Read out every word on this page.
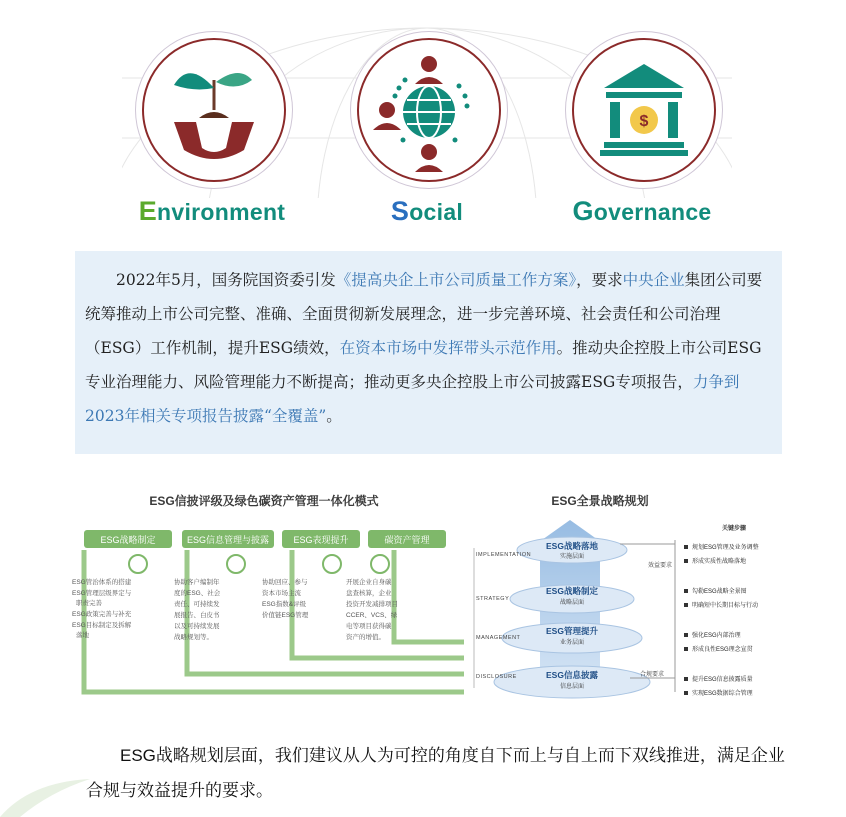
Environment	Social
$
Governance

2022年5月，国务院国资委引发《提高央企上市公司质量工作方案》，要求中央企业集团公司要统筹推动上市公司完整、准确、全面贯彻新发展理念，进一步完善环境、社会责任和公司治理（ESG）工作机制，提升ESG绩效，在资本市场中发挥带头示范作用。推动央企控股上市公司ESG专业治理能力、风险管理能力不断提高；推动更多央企控股上市公司披露ESG专项报告，力争到2023年相关专项报告披露“全覆盖”。

ESG信披评级及绿色碳资产管理一体化模式
ESG战略制定	ESG信息管理与披露	ESG表现提升	碳资产管理
ESG管治体系的搭建
ESG管理层级界定与
职责完善
ESG政策完善与补充
ESG目标制定及拆解
落地
协助客户编制年
度的ESG、社会
责任、可持续发
展报告、白皮书
以及可持续发展
战略规划等。
协助回应、参与
资本市场主流
ESG指数&评级
价值链ESG管理
开展企业自身碳
盘查核算，企业
投资开发减排项目
CCER、VCS、绿
电等项目获得碳
资产的增值。
ESG全景战略规划
IMPLEMENTATION
STRATEGY
MANAGEMENT
DISCLOSURE
ESG战略落地
ESG战略制定
ESG管理提升
ESG信息披露
实施层面
战略层面
业务层面
信息层面
效益要求
合规要求
关键步骤
规划ESG管理及业务调整
形成实质性战略落地
勾勒ESG战略全景图
明确短中长期目标与行动
强化ESG内部治理
形成良性ESG理念宣贯
提升ESG信息披露质量
实现ESG数据综合管理

ESG战略规划层面，我们建议从人为可控的角度自下而上与自上而下双线推进，满足企业合规与效益提升的要求。
